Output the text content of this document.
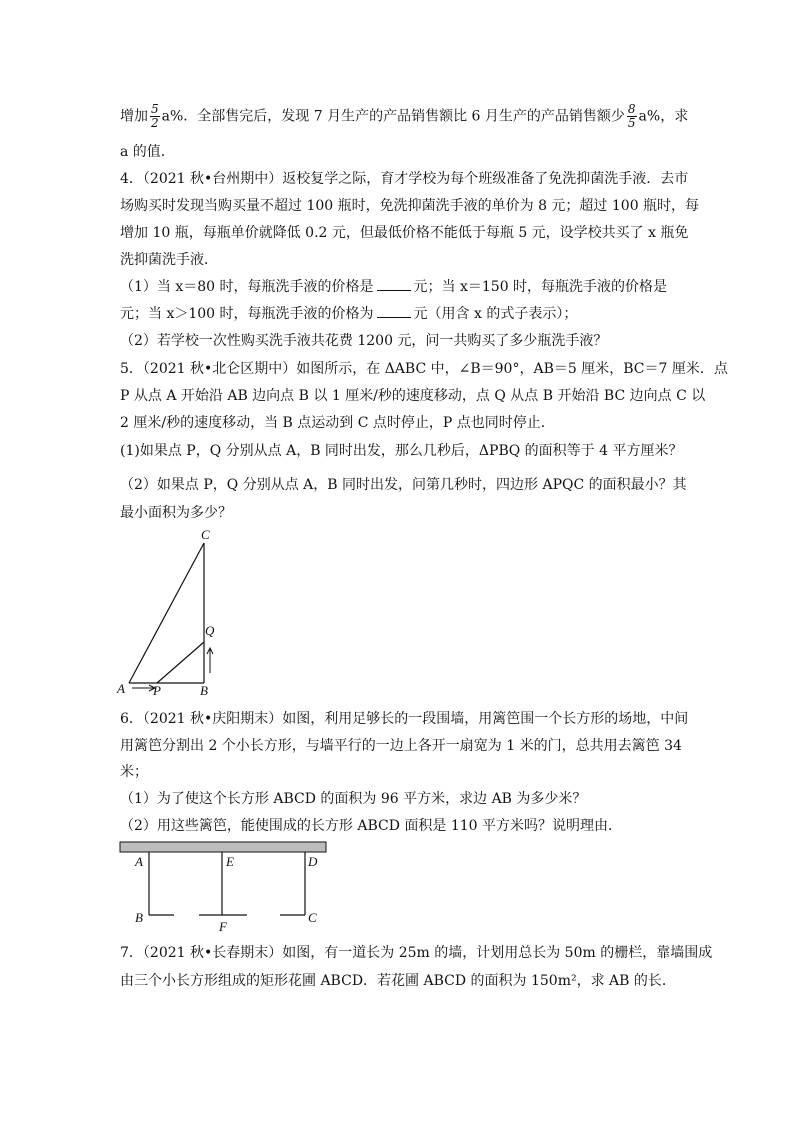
增加 $\frac{5}{2} a\%$．全部售完后，发现 7 月生产的产品销售额比 6 月生产的产品销售额少 $\frac{8}{5} a\%$，求
a 的值．
4．（2021 秋•台州期中）返校复学之际，育才学校为每个班级准备了免洗抑菌洗手液．去市
场购买时发现当购买量不超过 100 瓶时，免洗抑菌洗手液的单价为 8 元；超过 100 瓶时，每
增加 10 瓶，每瓶单价就降低 0.2 元，但最低价格不能低于每瓶 5 元，设学校共买了 x 瓶免
洗抑菌洗手液．
（1）当 x＝80 时，每瓶洗手液的价格是	元；当 x＝150 时，每瓶洗手液的价格是
元；当 x＞100 时，每瓶洗手液的价格为	元（用含 x 的式子表示）；
（2）若学校一次性购买洗手液共花费 1200 元，问一共购买了多少瓶洗手液？
5．（2021 秋•北仑区期中）如图所示，在 ΔABC 中，∠B＝90°，AB＝5 厘米，BC＝7 厘米．点
P 从点 A 开始沿 AB 边向点 B 以 1 厘米/秒的速度移动，点 Q 从点 B 开始沿 BC 边向点 C 以
2 厘米/秒的速度移动，当 B 点运动到 C 点时停止，P 点也同时停止．
(1)如果点 P，Q 分别从点 A，B 同时出发，那么几秒后，ΔPBQ 的面积等于 4 平方厘米？
（2）如果点 P，Q 分别从点 A，B 同时出发，问第几秒时，四边形 APQC 的面积最小？其
最小面积为多少？
C
Q
A P	B
6．（2021 秋•庆阳期末）如图，利用足够长的一段围墙，用篱笆围一个长方形的场地，中间
用篱笆分割出 2 个小长方形，与墙平行的一边上各开一扇宽为 1 米的门，总共用去篱笆 34
米；
（1）为了使这个长方形 ABCD 的面积为 96 平方米，求边 AB 为多少米？
（2）用这些篱笆，能使围成的长方形 ABCD 面积是 110 平方米吗？说明理由．
A	E	D
B
F
C
7．（2021 秋•长春期末）如图，有一道长为 25m 的墙，计划用总长为 50m 的栅栏，靠墙围成
由三个小长方形组成的矩形花圃 ABCD．若花圃 ABCD 的面积为 150m²，求 AB 的长．
